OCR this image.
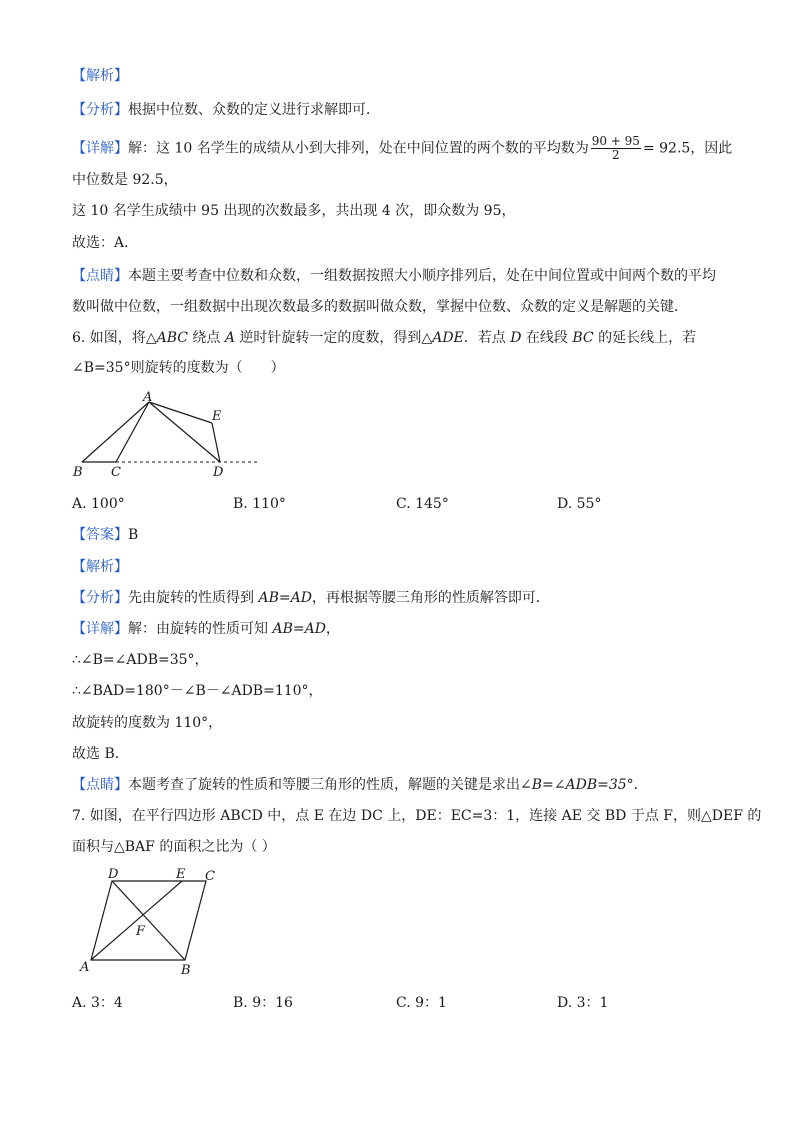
【解析】
【分析】根据中位数、众数的定义进行求解即可．
【详解】解：这 10 名学生的成绩从小到大排列，处在中间位置的两个数的平均数为 $\frac{90 + 95}{2} = 92.5$，因此
中位数是 92.5，
这 10 名学生成绩中 95 出现的次数最多，共出现 4 次，即众数为 95，
故选：A．
【点睛】本题主要考查中位数和众数，一组数据按照大小顺序排列后，处在中间位置或中间两个数的平均
数叫做中位数，一组数据中出现次数最多的数据叫做众数，掌握中位数、众数的定义是解题的关键．
6. 如图，将△ABC 绕点 A 逆时针旋转一定的度数，得到△ADE．若点 D 在线段 BC 的延长线上，若
∠B=35°则旋转的度数为（　　）
A
E
B C	D
A. 100°	B. 110°	C. 145°	D. 55°
【答案】B
【解析】
【分析】先由旋转的性质得到 AB=AD，再根据等腰三角形的性质解答即可．
【详解】解：由旋转的性质可知 AB=AD，
∴∠B=∠ADB=35°，
∴∠BAD=180°－∠B－∠ADB=110°，
故旋转的度数为 110°，
故选 B．
【点睛】本题考查了旋转的性质和等腰三角形的性质，解题的关键是求出∠B=∠ADB=35°．
7. 如图，在平行四边形 ABCD 中，点 E 在边 DC 上，DE：EC=3：1，连接 AE 交 BD 于点 F，则△DEF 的
面积与△BAF 的面积之比为（ ）
D	E C
F
A	B
A. 3：4	B. 9：16	C. 9：1	D. 3：1
